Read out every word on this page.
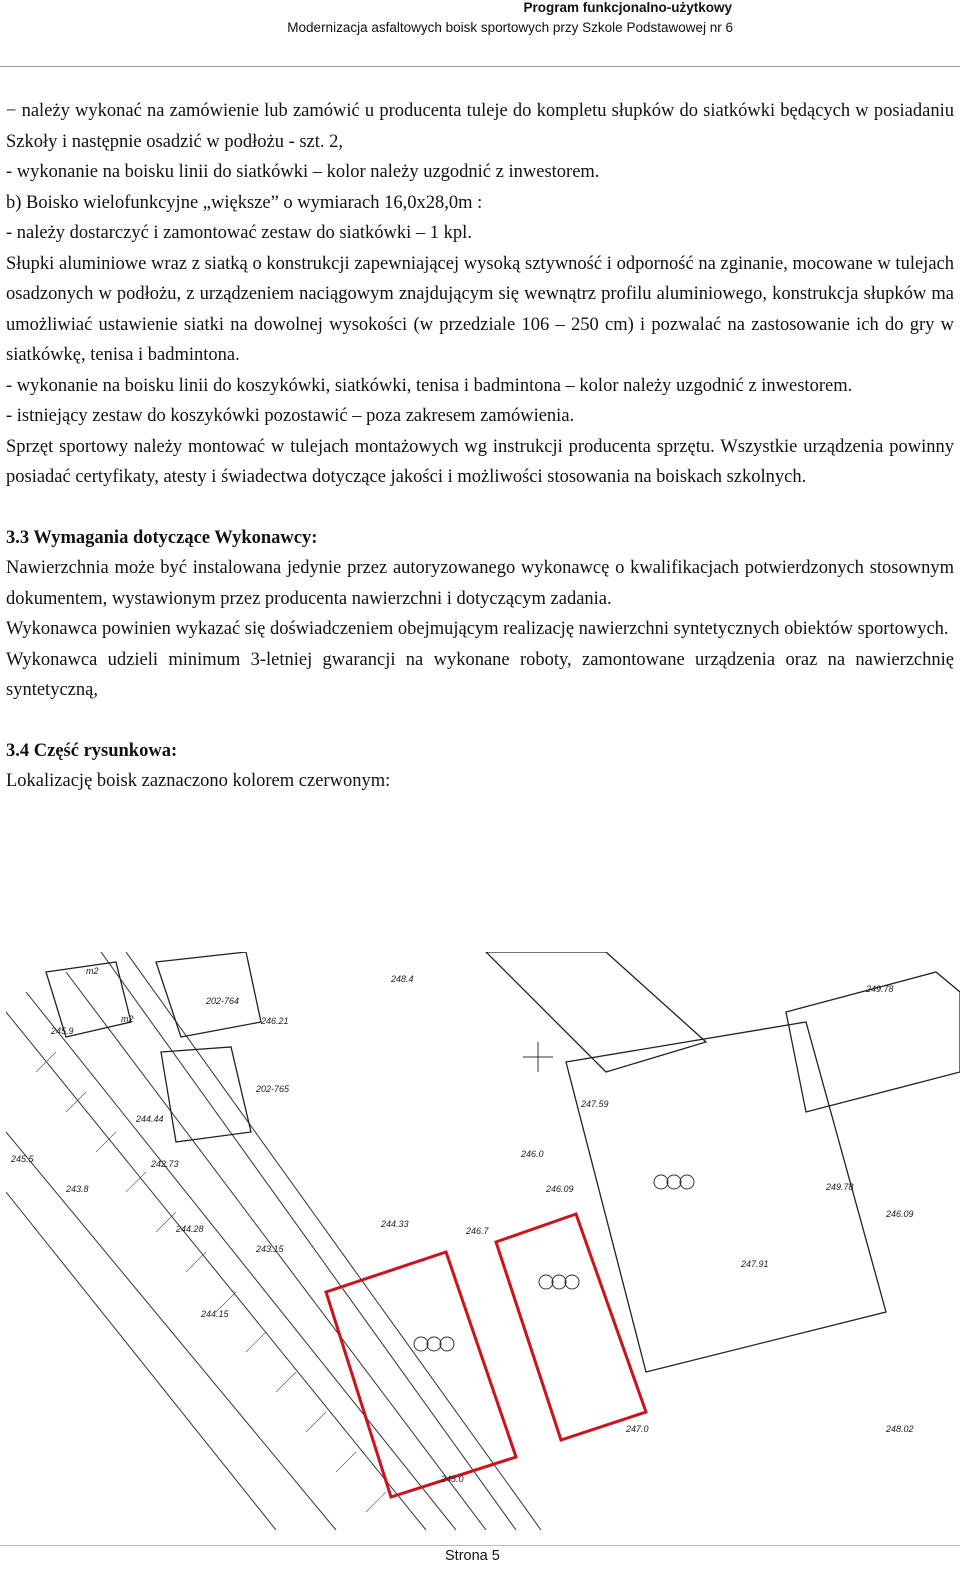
Program funkcjonalno-użytkowy
Modernizacja asfaltowych boisk sportowych przy Szkole Podstawowej nr 6

− należy wykonać na zamówienie lub zamówić u producenta tuleje do kompletu słupków do siatkówki będących w posiadaniu Szkoły i następnie osadzić w podłożu - szt. 2,

- wykonanie na boisku linii do siatkówki – kolor należy uzgodnić z inwestorem.

b) Boisko wielofunkcyjne „większe” o wymiarach 16,0x28,0m :

- należy dostarczyć i zamontować zestaw do siatkówki – 1 kpl.

Słupki aluminiowe wraz z siatką o konstrukcji zapewniającej wysoką sztywność i odporność na zginanie, mocowane w tulejach osadzonych w podłożu, z urządzeniem naciągowym znajdującym się wewnątrz profilu aluminiowego, konstrukcja słupków ma umożliwiać ustawienie siatki na dowolnej wysokości (w przedziale 106 – 250 cm) i pozwalać na zastosowanie ich do gry w siatkówkę, tenisa i badmintona.

- wykonanie na boisku linii do koszykówki, siatkówki, tenisa i badmintona – kolor należy uzgodnić z inwestorem.

- istniejący zestaw do koszykówki pozostawić – poza zakresem zamówienia.

Sprzęt sportowy należy montować w tulejach montażowych wg instrukcji producenta sprzętu. Wszystkie urządzenia powinny posiadać certyfikaty, atesty i świadectwa dotyczące jakości i możliwości stosowania na boiskach szkolnych.

3.3 Wymagania dotyczące Wykonawcy:

Nawierzchnia może być instalowana jedynie przez autoryzowanego wykonawcę o kwalifikacjach potwierdzonych stosownym dokumentem, wystawionym przez producenta nawierzchni i dotyczącym zadania.

Wykonawca powinien wykazać się doświadczeniem obejmującym realizację nawierzchni syntetycznych obiektów sportowych.

Wykonawca udzieli minimum 3-letniej gwarancji na wykonane roboty, zamontowane urządzenia oraz na nawierzchnię syntetyczną,

3.4 Część rysunkowa:

Lokalizację boisk zaznaczono kolorem czerwonym:

202-764
202-765
m2
m2
245.9
244.44
245.5	246.0
247.59
248.4
249.78
247.0
245.0
246.7
246.09
244.33
243.15
243.8
242.73
244.28
244.15
246.21
246.09
249.78
247.91
248.02
Strona 5
